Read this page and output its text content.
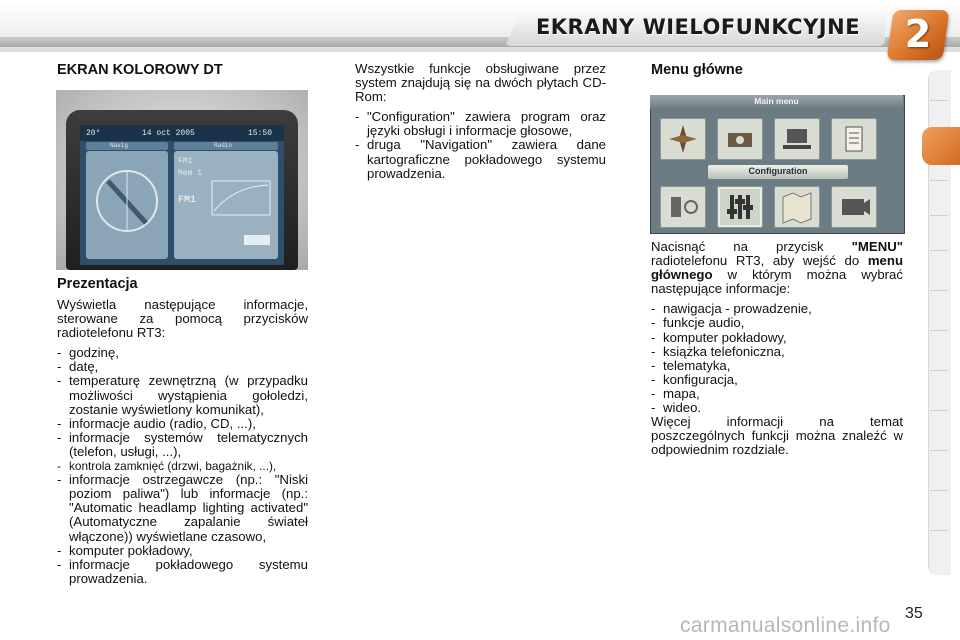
EKRANY WIELOFUNKCYJNE	2
EKRAN KOLOROWY DT
20°	14 oct 2005	15:50
Navig	Radio
FM1
Mem 1
FM1
Prezentacja

Wyświetla następujące informacje, sterowane za pomocą przycisków radiotelefonu RT3:

- godzinę,
- datę,
- temperaturę zewnętrzną (w przypadku możliwości wystąpienia gołoledzi, zostanie wyświetlony komunikat),
- informacje audio (radio, CD, ...),
- informacje systemów telematycznych (telefon, usługi, ...),
- kontrola zamknięć (drzwi, bagażnik, ...),
- informacje ostrzegawcze (np.: "Niski poziom paliwa") lub informacje (np.: "Automatic headlamp lighting activated" (Automatyczne zapalanie świateł włączone)) wyświetlane czasowo,
- komputer pokładowy,
- informacje pokładowego systemu prowadzenia.

Wszystkie funkcje obsługiwane przez system znajdują się na dwóch płytach CD-Rom:

- "Configuration" zawiera program oraz języki obsługi i informacje głosowe,
- druga "Navigation" zawiera dane kartograficzne pokładowego systemu prowadzenia.
Menu główne
Main menu
Configuration

Nacisnąć na przycisk "MENU" radiotelefonu RT3, aby wejść do menu głównego w którym można wybrać następujące informacje:

- nawigacja - prowadzenie,
- funkcje audio,
- komputer pokładowy,
- książka telefoniczna,
- telematyka,
- konfiguracja,
- mapa,
- wideo.

Więcej informacji na temat poszczególnych funkcji można znaleźć w odpowiednim rozdziale.

35
carmanualsonline.info
